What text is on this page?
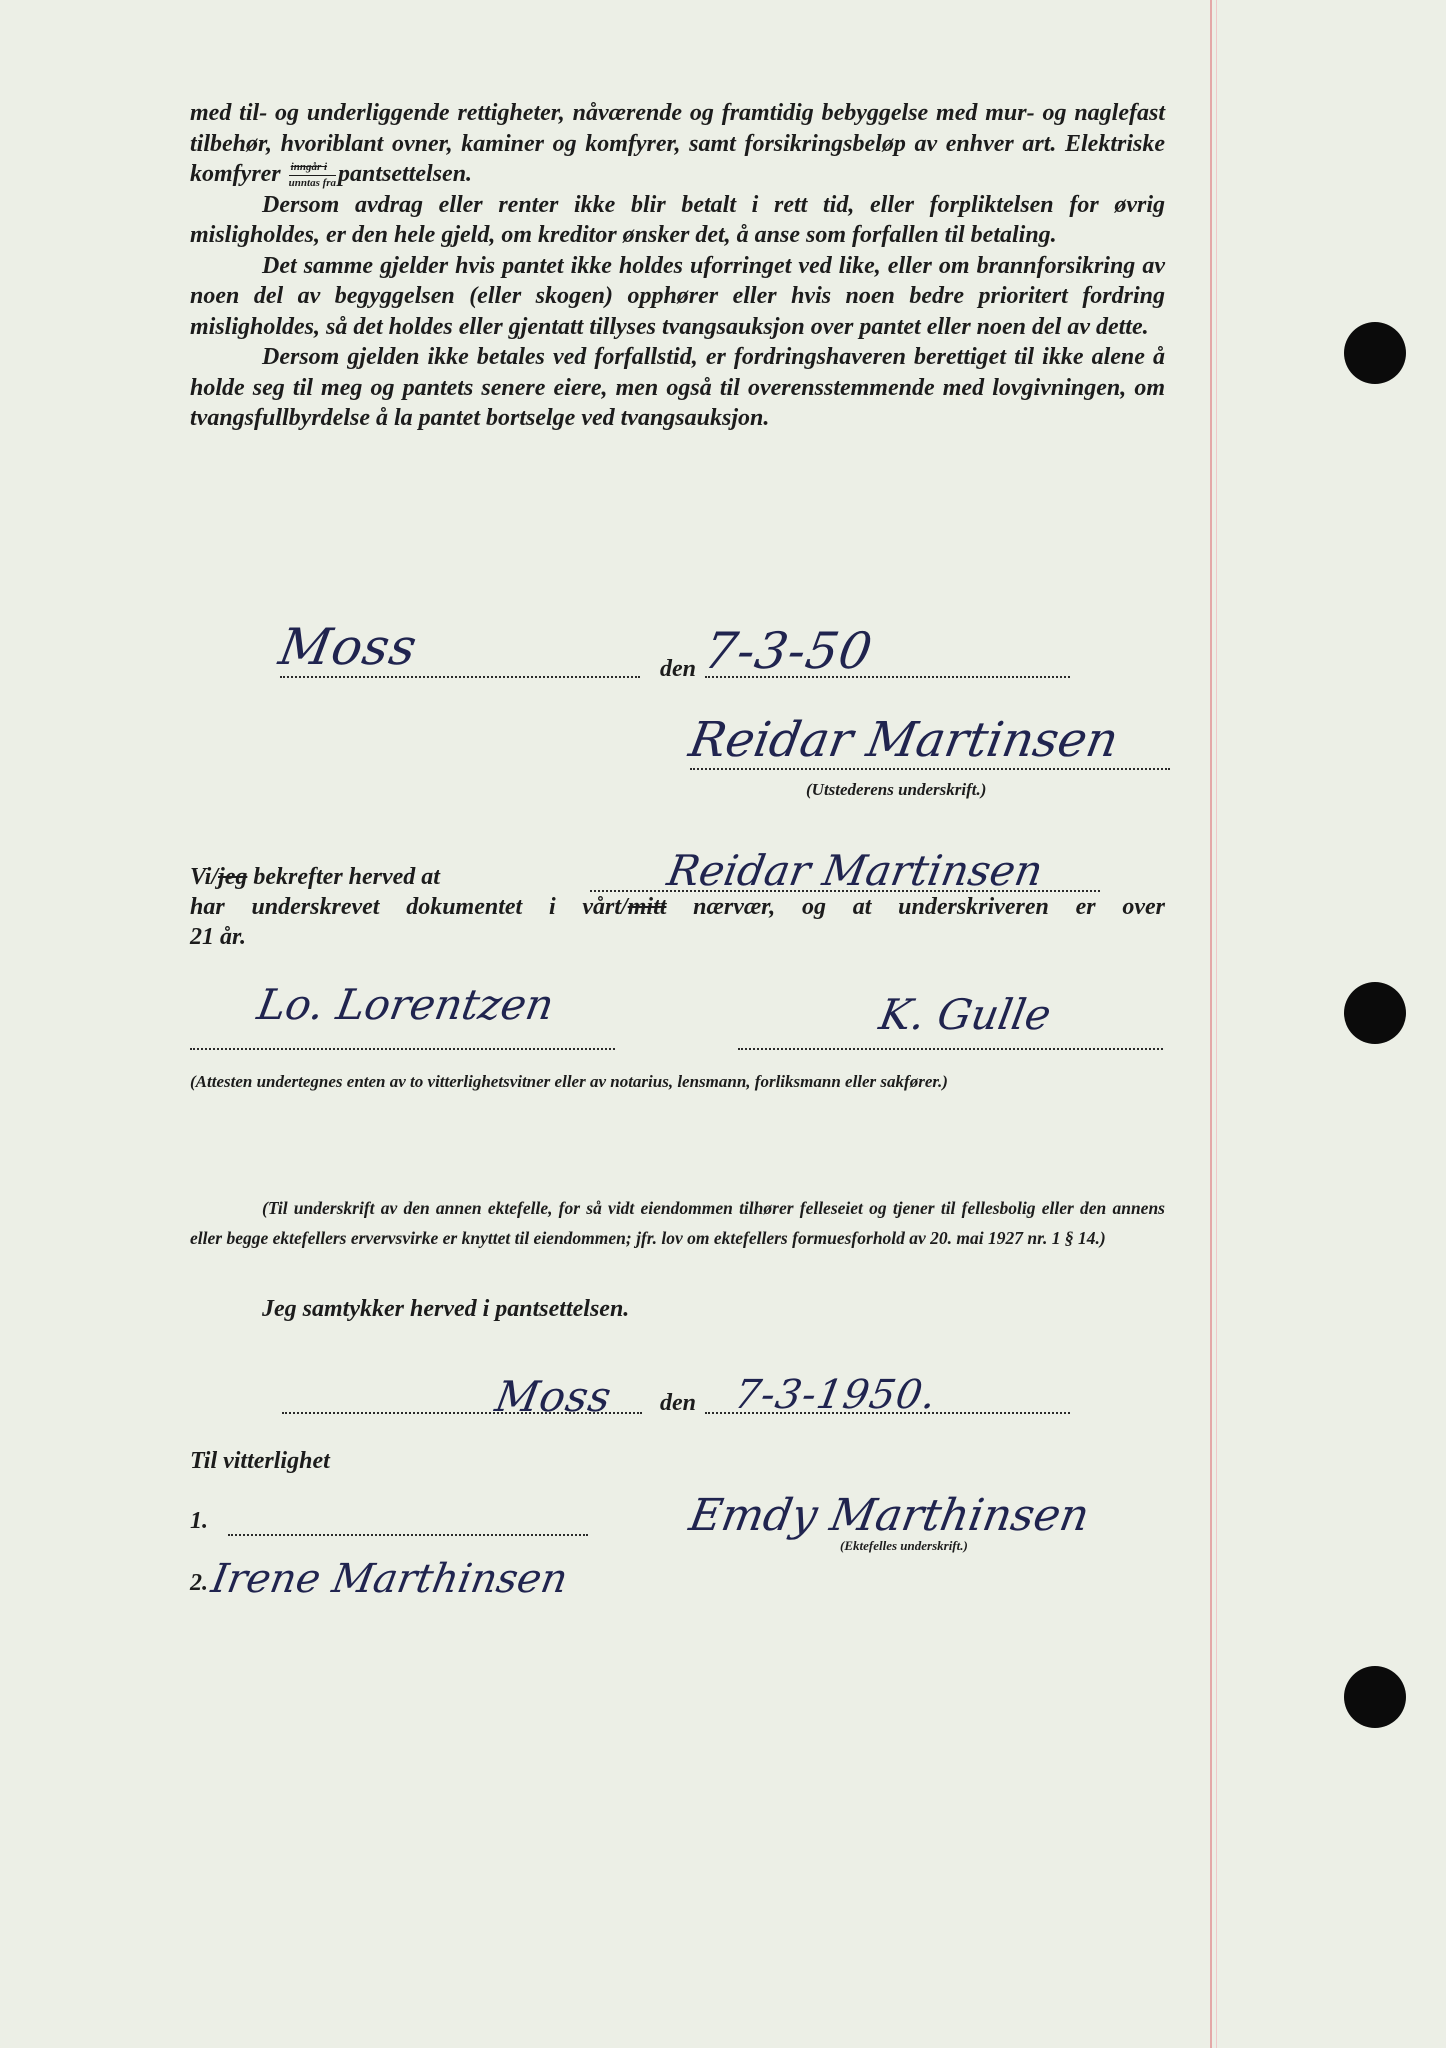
med til- og underliggende rettigheter, nåværende og framtidig bebyggelse med mur- og naglefast tilbehør, hvoriblant ovner, kaminer og komfyrer, samt forsikringsbeløp av enhver art. Elektriske komfyrer $\frac{\text{inngår i}}{\text{unntas fra}}$ pantsettelsen.

Dersom avdrag eller renter ikke blir betalt i rett tid, eller forpliktelsen for øvrig misligholdes, er den hele gjeld, om kreditor ønsker det, å anse som forfallen til betaling.

Det samme gjelder hvis pantet ikke holdes uforringet ved like, eller om brannforsikring av noen del av begyggelsen (eller skogen) opphører eller hvis noen bedre prioritert fordring misligholdes, så det holdes eller gjentatt tillyses tvangsauksjon over pantet eller noen del av dette.

Dersom gjelden ikke betales ved forfallstid, er fordringshaveren berettiget til ikke alene å holde seg til meg og pantets senere eiere, men også til overensstemmende med lovgivningen, om tvangsfullbyrdelse å la pantet bortselge ved tvangsauksjon.

Moss	den 7-3-50
Reidar Martinsen
(Utstederens underskrift.)
Vi/jeg bekrefter herved at	Reidar Martinsen
har underskrevet dokumentet i vårt/mitt nærvær, og at underskriveren er over
21 år.
Lo. Lorentzen	K. Gulle
(Attesten undertegnes enten av to vitterlighetsvitner eller av notarius, lensmann, forliksmann eller sakfører.)

(Til underskrift av den annen ektefelle, for så vidt eiendommen tilhører felleseiet og tjener til fellesbolig eller den annens eller begge ektefellers ervervsvirke er knyttet til eiendommen; jfr. lov om ektefellers formuesforhold av 20. mai 1927 nr. 1 § 14.)

Jeg samtykker herved i pantsettelsen.
Moss den 7-3-1950.
Til vitterlighet
1.	Emdy Marthinsen
(Ektefelles underskrift.)
2. Irene Marthinsen
